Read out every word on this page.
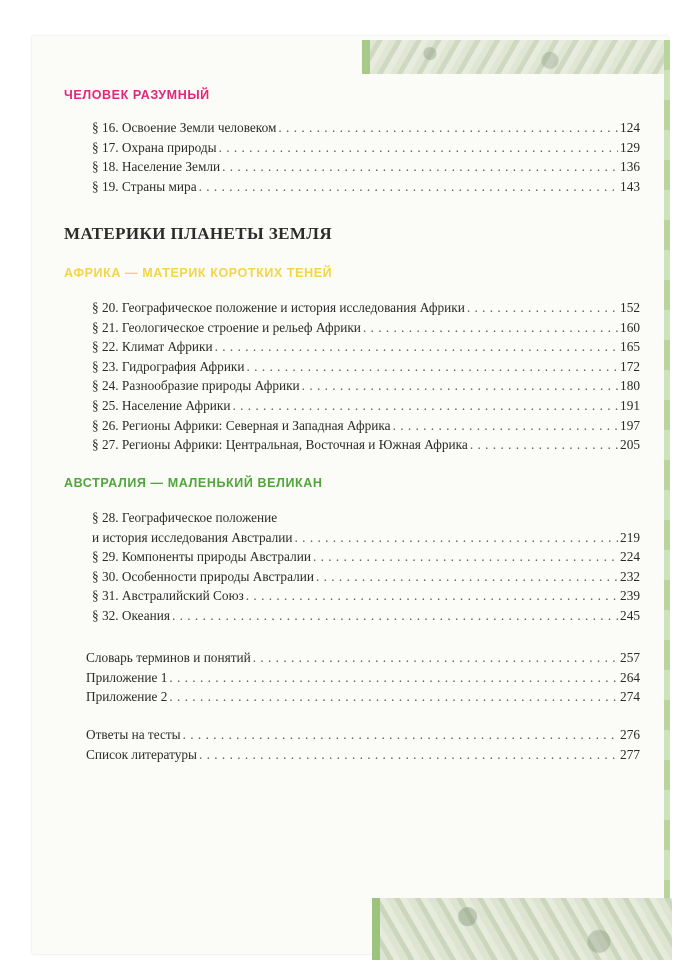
ЧЕЛОВЕК РАЗУМНЫЙ
§ 16. Освоение Земли человеком . . .	124
§ 17. Охрана природы . . .	129
§ 18. Население Земли . . .	136
§ 19. Страны мира . . .	143
МАТЕРИКИ ПЛАНЕТЫ ЗЕМЛЯ
АФРИКА — МАТЕРИК КОРОТКИХ ТЕНЕЙ
§ 20. Географическое положение и история исследования Африки . . .	152
§ 21. Геологическое строение и рельеф Африки . . .	160
§ 22. Климат Африки . . .	165
§ 23. Гидрография Африки . . .	172
§ 24. Разнообразие природы Африки . . .	180
§ 25. Население Африки . . .	191
§ 26. Регионы Африки: Северная и Западная Африка . . .	197
§ 27. Регионы Африки: Центральная, Восточная и Южная Африка . . .	205
АВСТРАЛИЯ — МАЛЕНЬКИЙ ВЕЛИКАН
§ 28. Географическое положение
и история исследования Австралии . . .	219
§ 29. Компоненты природы Австралии . . .	224
§ 30. Особенности природы Австралии . . .	232
§ 31. Австралийский Союз . . .	239
§ 32. Океания . . .	245
Словарь терминов и понятий . . .	257
Приложение 1 . . .	264
Приложение 2 . . .	274
Ответы на тесты . . .	276
Список литературы . . .	277
